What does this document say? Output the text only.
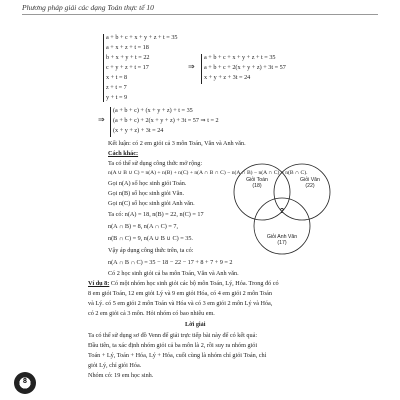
Phương pháp giải các dạng Toán thực tế 10
a + b + c + x + y + z + t = 35
a + x + z + t = 18
b + x + y + t = 22
c + y + z + t = 17
x + t = 8
z + t = 7
y + t = 9
⇒
a + b + c + x + y + z + t = 35
a + b + c + 2(x + y + z) + 3t = 57
x + y + z + 3t = 24
⇒
(a + b + c) + (x + y + z) + t = 35
(a + b + c) + 2(x + y + z) + 3t = 57 ⇒ t = 2
(x + y + z) + 3t = 24
Kết luận: có 2 em giỏi cả 3 môn Toán, Văn và Anh văn.
Cách khác:
Ta có thể sử dụng công thức mở rộng:
n(A ∪ B ∪ C) = n(A) + n(B) + n(C) + n(A ∩ B ∩ C) − n(A ∩ B) − n(A ∩ C) − n(B ∩ C).
Gọi n(A) số học sinh giỏi Toán.
Gọi n(B) số học sinh giỏi Văn.
Gọi n(C) số học sinh giỏi Anh văn.
Ta có: n(A) = 18, n(B) = 22, n(C) = 17
n(A ∩ B) = 8, n(A ∩ C) = 7,
n(B ∩ C) = 9, n(A ∪ B ∪ C) = 35.
Vậy áp dụng công thức trên, ta có:
n(A ∩ B ∩ C) = 35 − 18 − 22 − 17 + 8 + 7 + 9 = 2
Có 2 học sinh giỏi cả ba môn Toán, Văn và Anh văn.
Giỏi Toán
(18)
Giỏi Văn
(22)
Giỏi Anh Văn
(17)
?
Ví dụ 8: Có một nhóm học sinh giỏi các bộ môn Toán, Lý, Hóa. Trong đó có
8 em giỏi Toán, 12 em giỏi Lý và 9 em giỏi Hóa, có 4 em giỏi 2 môn Toán
và Lý. có 5 em giỏi 2 môn Toán và Hóa và có 3 em giỏi 2 môn Lý và Hóa,
có 2 em giỏi cả 3 môn. Hỏi nhóm có bao nhiêu em.
Lời giải
Ta có thể sử dụng sơ đồ Venn để giải trực tiếp bài này để có kết quả:
Đầu tiên, ta xác định nhóm giỏi cả ba môn là 2, rồi suy ra nhóm giỏi
Toán + Lý, Toán + Hóa, Lý + Hóa, cuối cùng là nhóm chỉ giỏi Toán, chỉ
giỏi Lý, chỉ giỏi Hóa.
Nhóm có: 19 em học sinh.
8
